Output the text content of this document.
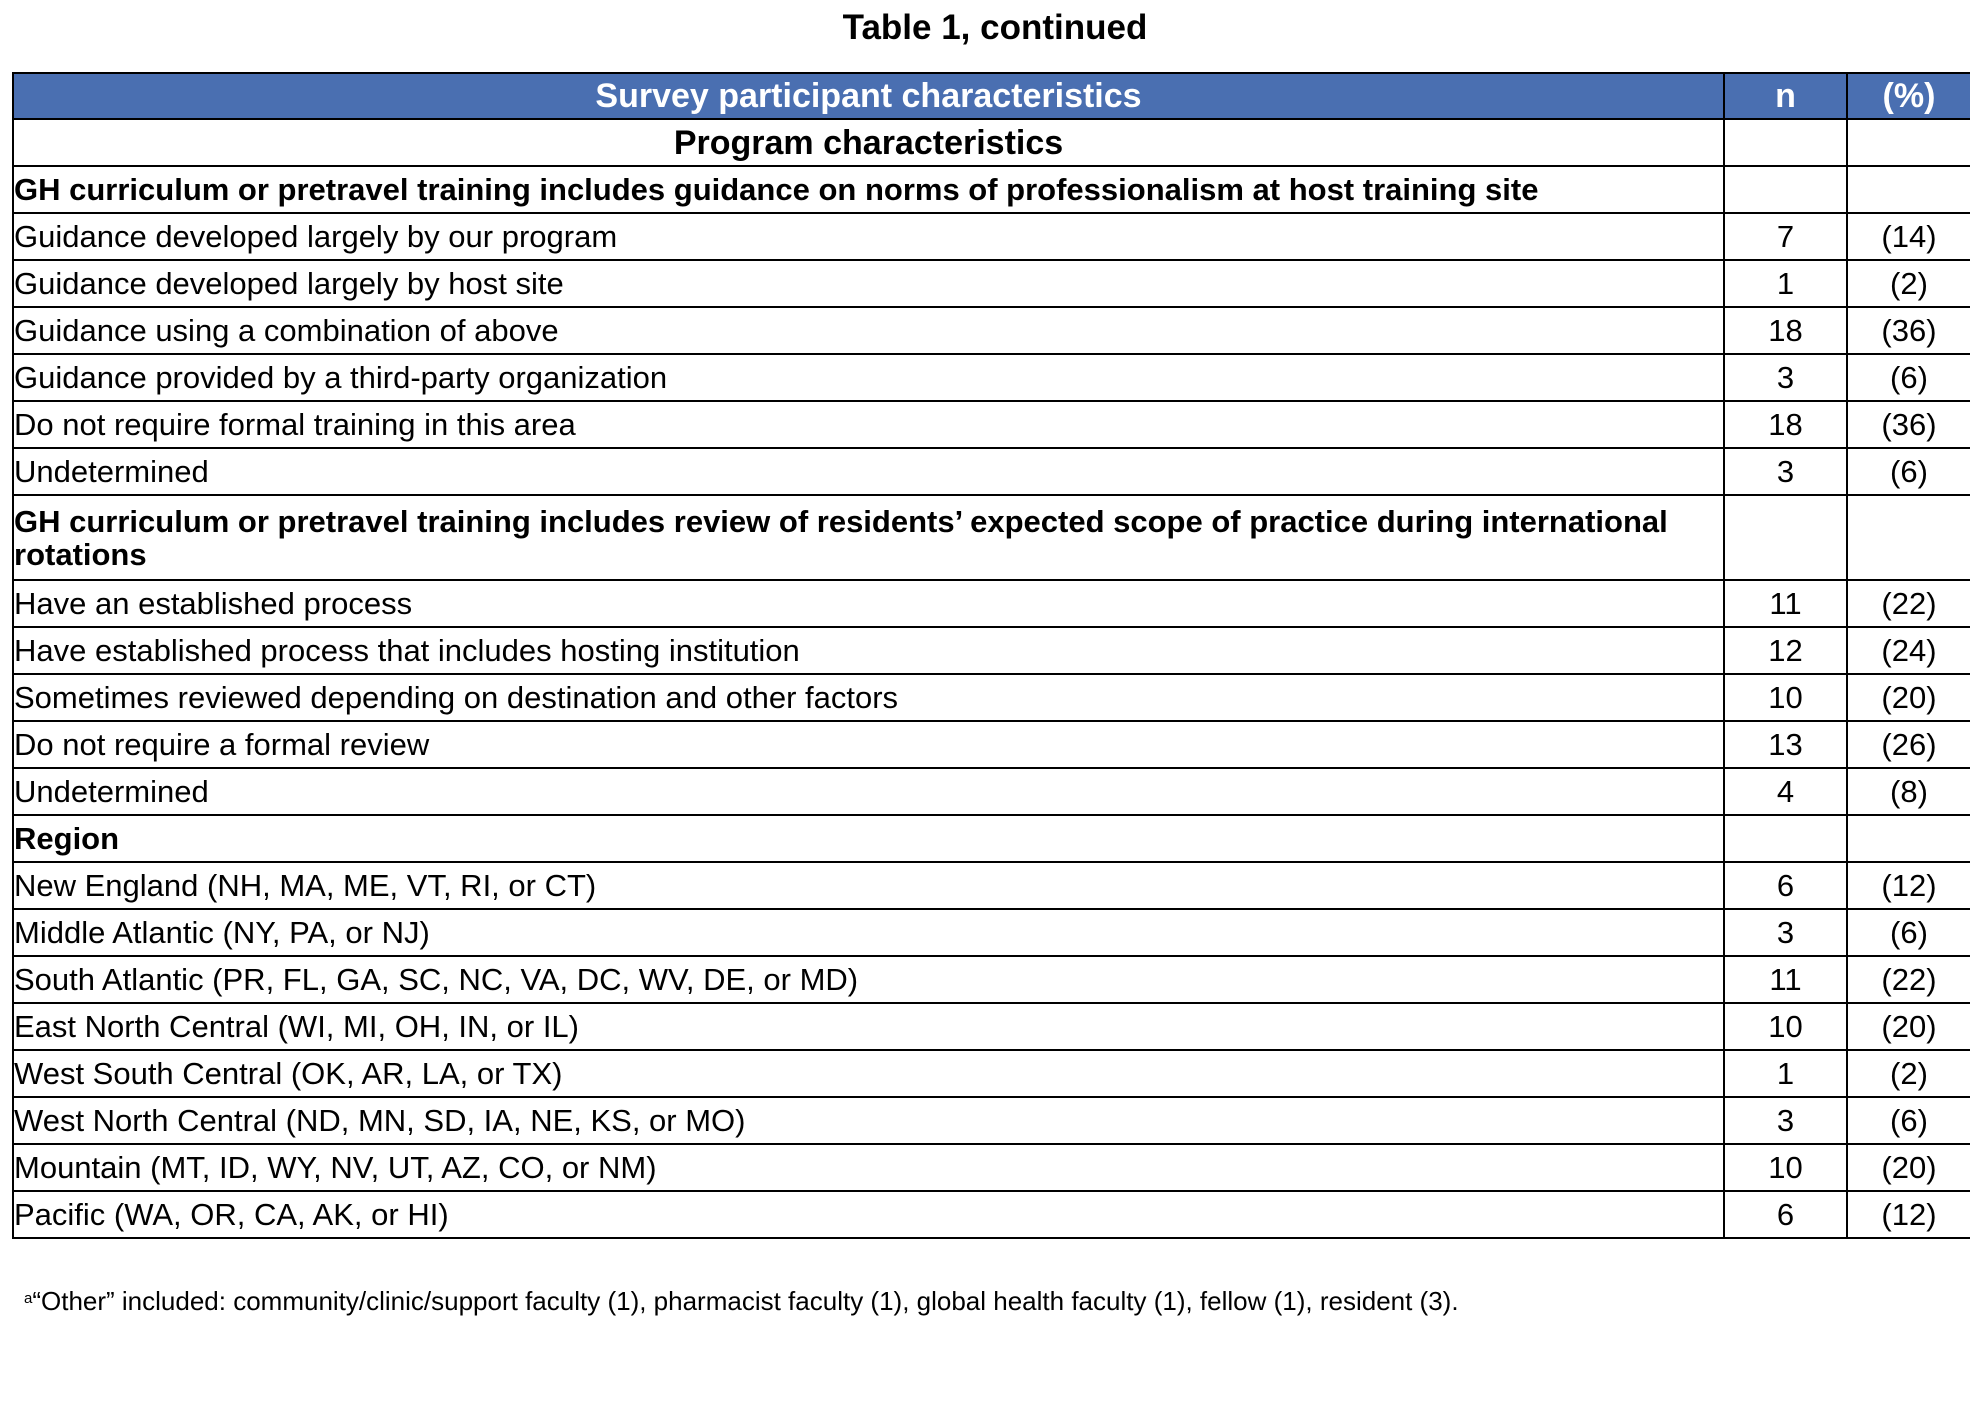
Table 1, continued
Survey participant characteristics	n	(%)
Program characteristics		
GH curriculum or pretravel training includes guidance on norms of professionalism at host training site		
Guidance developed largely by our program	7	(14)
Guidance developed largely by host site	1	(2)
Guidance using a combination of above	18	(36)
Guidance provided by a third-party organization	3	(6)
Do not require formal training in this area	18	(36)
Undetermined	3	(6)
GH curriculum or pretravel training includes review of residents’ expected scope of practice during international rotations		
Have an established process	11	(22)
Have established process that includes hosting institution	12	(24)
Sometimes reviewed depending on destination and other factors	10	(20)
Do not require a formal review	13	(26)
Undetermined	4	(8)
Region		
New England (NH, MA, ME, VT, RI, or CT)	6	(12)
Middle Atlantic (NY, PA, or NJ)	3	(6)
South Atlantic (PR, FL, GA, SC, NC, VA, DC, WV, DE, or MD)	11	(22)
East North Central (WI, MI, OH, IN, or IL)	10	(20)
West South Central (OK, AR, LA, or TX)	1	(2)
West North Central (ND, MN, SD, IA, NE, KS, or MO)	3	(6)
Mountain (MT, ID, WY, NV, UT, AZ, CO, or NM)	10	(20)
Pacific (WA, OR, CA, AK, or HI)	6	(12)
$^a$“Other” included: community/clinic/support faculty (1), pharmacist faculty (1), global health faculty (1), fellow (1), resident (3).
